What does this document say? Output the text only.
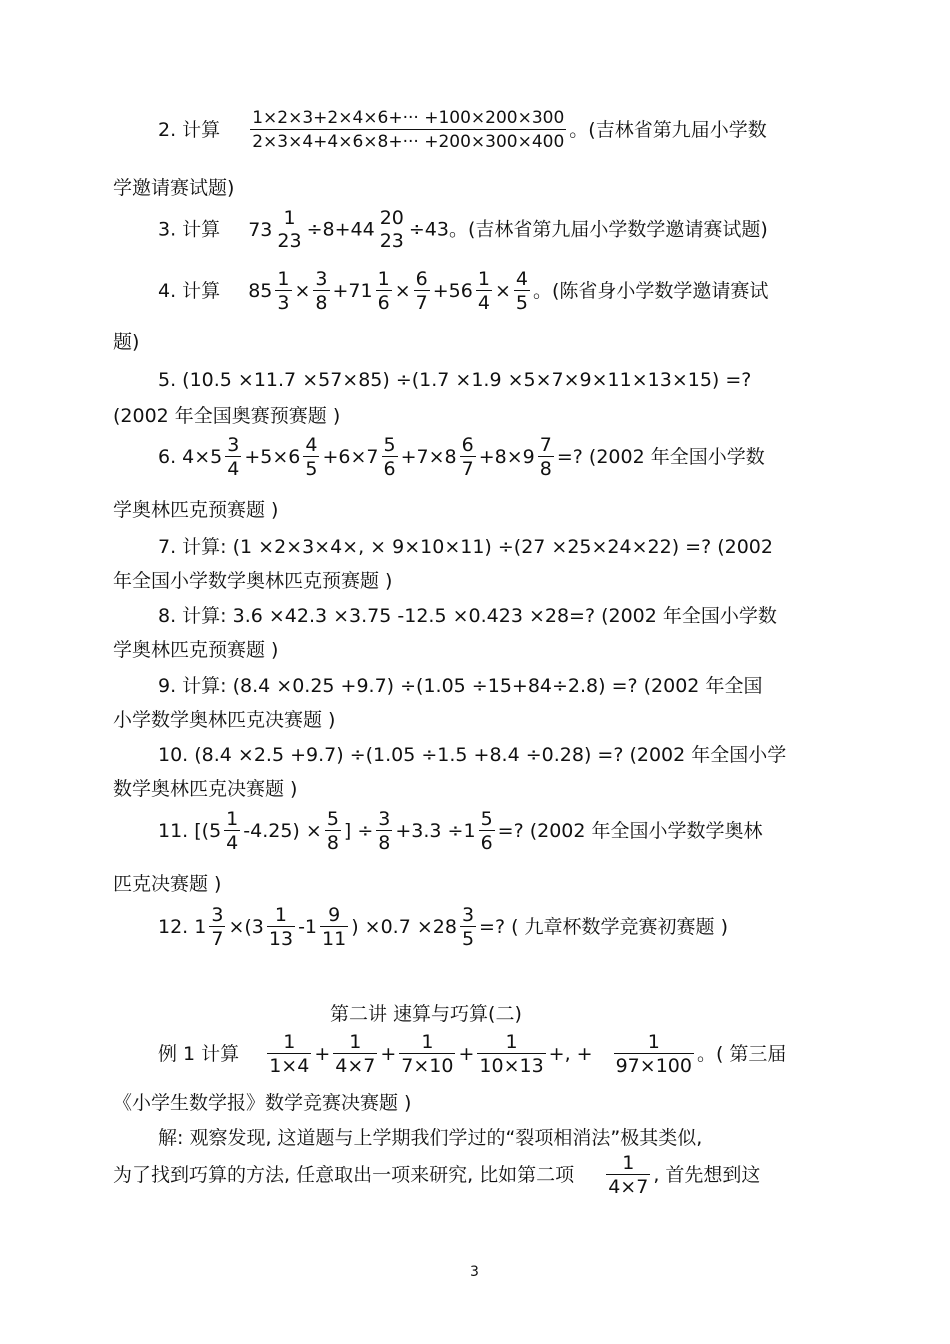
2. 计算 $\frac{1\times 2\times 3+2\times 4\times 6+\cdot\cdot\cdot +100\times 200\times 300}{2\times 3\times 4+4\times 6\times 8+\cdot\cdot\cdot +200\times 300\times 400}$ 。(吉林省第九届小学数
学邀请赛试题)
3. 计算 73
1
23
÷8+44
20
23
÷43。(吉林省第九届小学数学邀请赛试题)
4. 计算 $85 \frac{1}{3} \times \frac{3}{8} +71 \frac{1}{6} \times \frac{6}{7} +56 \frac{1}{4} \times \frac{4}{5}$ 。(陈省身小学数学邀请赛试
题)
5. (10.5 ×11.7 ×57×85) ÷(1.7 ×1.9 ×5×7×9×11×13×15) =?
(2002 年全国奥赛预赛题 )
6. $4\times 5 \frac{3}{4} +5\times 6 \frac{4}{5} +6\times 7 \frac{5}{6} +7\times 8 \frac{6}{7} +8\times 9 \frac{7}{8}$ =? (2002 年全国小学数
学奥林匹克预赛题 )
7. 计算: (1 ×2×3×4×, × 9×10×11) ÷(27 ×25×24×22) =? (2002
年全国小学数学奥林匹克预赛题 )
8. 计算: 3.6 ×42.3 ×3.75 -12.5 ×0.423 ×28=? (2002 年全国小学数
学奥林匹克预赛题 )
9. 计算: (8.4 ×0.25 +9.7) ÷(1.05 ÷15+84÷2.8) =? (2002 年全国
小学数学奥林匹克决赛题 )
10. (8.4 ×2.5 +9.7) ÷(1.05 ÷1.5 +8.4 ÷0.28) =? (2002 年全国小学
数学奥林匹克决赛题 )
11. [$(5 \frac{1}{4} -4.25) \times \frac{5}{8}$ ] ÷ $\frac{3}{8} +3.3 \div 1 \frac{5}{6}$ =? (2002 年全国小学数学奥林
匹克决赛题 )
12. $1 \frac{3}{7} \times(3 \frac{1}{13} -1 \frac{9}{11}$ ) $\times 0.7 \times 28 \frac{3}{5}$ =? ( 九章杯数学竞赛初赛题 )
第二讲 速算与巧算(二)
例 1 计算 $\frac{1}{1\times 4} + \frac{1}{4\times 7} + \frac{1}{7\times 10} + \frac{1}{10\times 13}$ +, + $\frac{1}{97\times 100}$ 。( 第三届
《小学生数学报》数学竞赛决赛题 )
解: 观察发现, 这道题与上学期我们学过的“裂项相消法”极其类似,
为了找到巧算的方法, 任意取出一项来研究, 比如第二项 $\frac{1}{4\times 7}$ , 首先想到这
3
